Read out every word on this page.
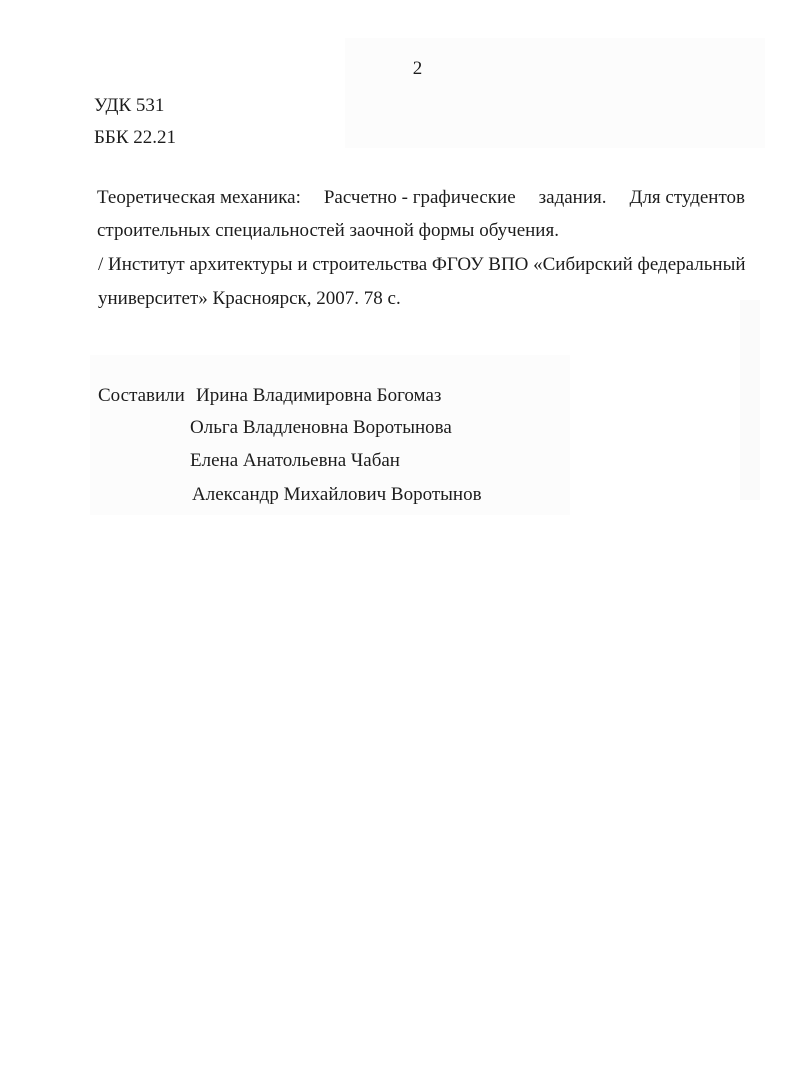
2
УДК 531
ББК 22.21
Теоретическая механика: Расчетно - графические задания. Для студентов
строительных специальностей заочной формы обучения.
/ Институт архитектуры и строительства ФГОУ ВПО «Сибирский федеральный
университет» Красноярск, 2007. 78 с.
Составили Ирина Владимировна Богомаз
Ольга Владленовна Воротынова
Елена Анатольевна Чабан
Александр Михайлович Воротынов
